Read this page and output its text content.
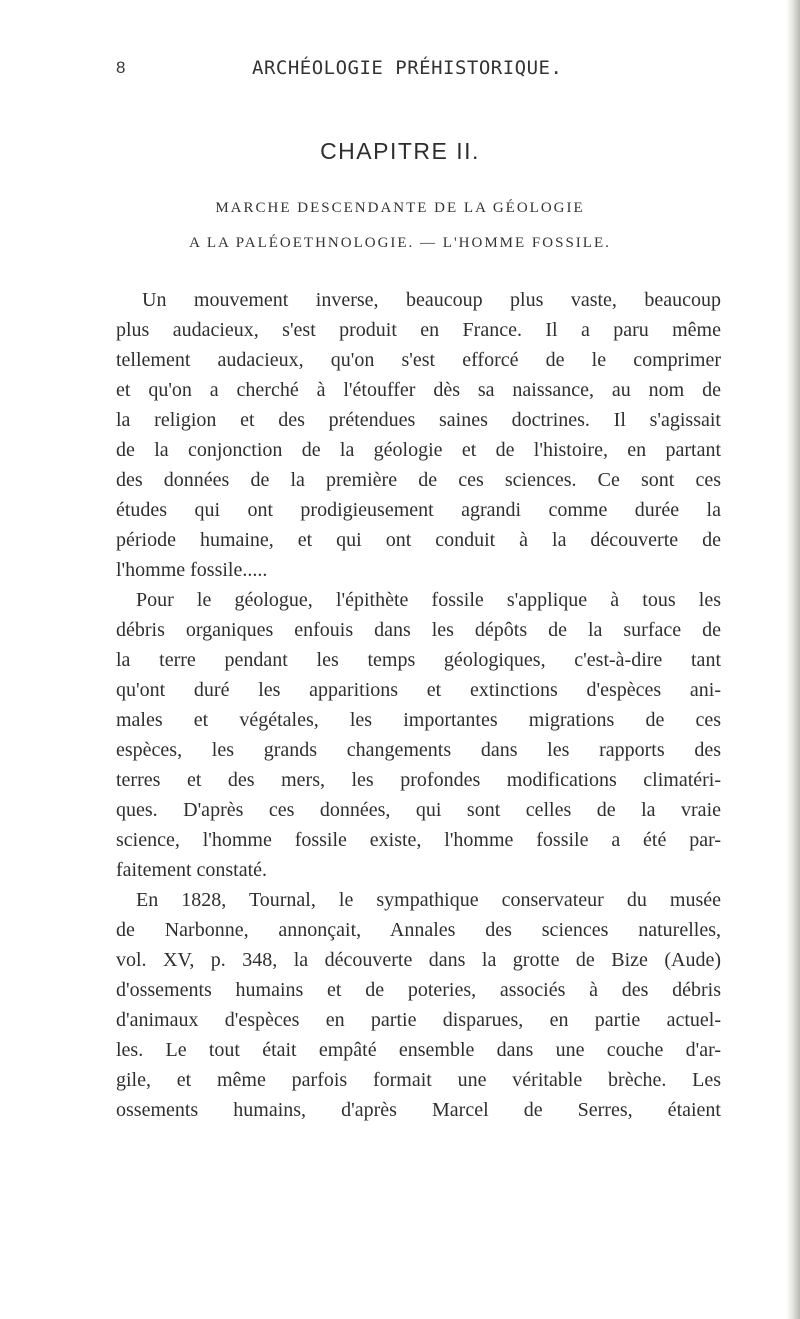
8	ARCHÉOLOGIE PRÉHISTORIQUE.
CHAPITRE II.
MARCHE DESCENDANTE DE LA GÉOLOGIE
A LA PALÉOETHNOLOGIE. — L'HOMME FOSSILE.
Un mouvement inverse, beaucoup plus vaste, beaucoup
plus audacieux, s'est produit en France. Il a paru même
tellement audacieux, qu'on s'est efforcé de le comprimer
et qu'on a cherché à l'étouffer dès sa naissance, au nom de
la religion et des prétendues saines doctrines. Il s'agissait
de la conjonction de la géologie et de l'histoire, en partant
des données de la première de ces sciences. Ce sont ces
études qui ont prodigieusement agrandi comme durée la
période humaine, et qui ont conduit à la découverte de
l'homme fossile.....
Pour le géologue, l'épithète fossile s'applique à tous les
débris organiques enfouis dans les dépôts de la surface de
la terre pendant les temps géologiques, c'est-à-dire tant
qu'ont duré les apparitions et extinctions d'espèces ani-
males et végétales, les importantes migrations de ces
espèces, les grands changements dans les rapports des
terres et des mers, les profondes modifications climatéri-
ques. D'après ces données, qui sont celles de la vraie
science, l'homme fossile existe, l'homme fossile a été par-
faitement constaté.
En 1828, Tournal, le sympathique conservateur du musée
de Narbonne, annonçait, Annales des sciences naturelles,
vol. XV, p. 348, la découverte dans la grotte de Bize (Aude)
d'ossements humains et de poteries, associés à des débris
d'animaux d'espèces en partie disparues, en partie actuel-
les. Le tout était empâté ensemble dans une couche d'ar-
gile, et même parfois formait une véritable brèche. Les
ossements humains, d'après Marcel de Serres, étaient
